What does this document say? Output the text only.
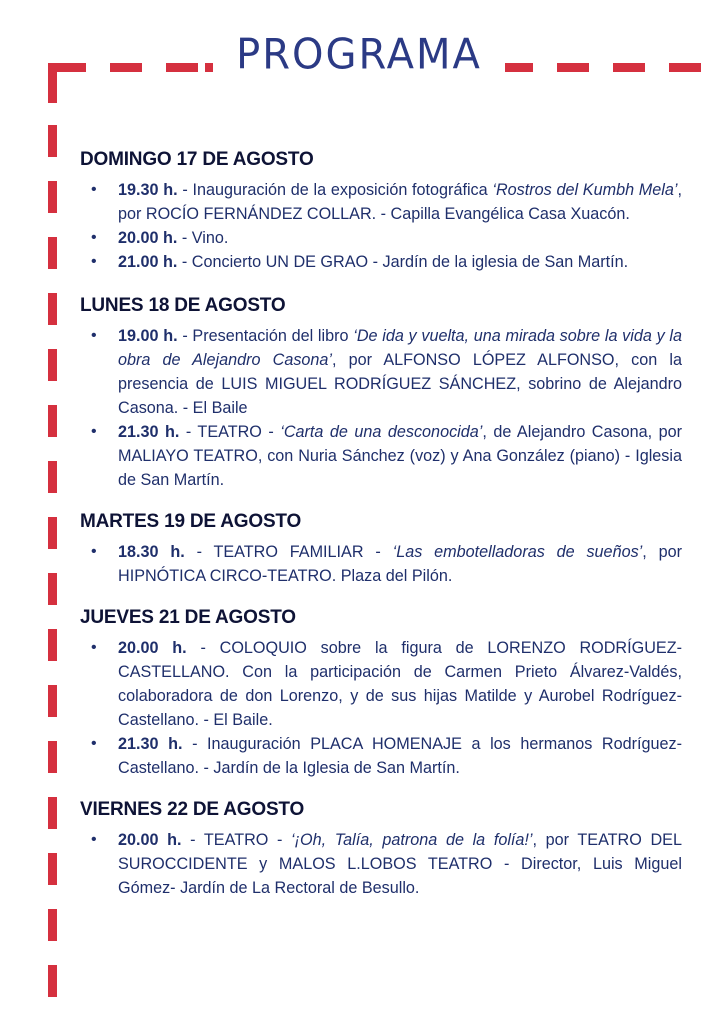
PROGRAMA
DOMINGO 17 DE AGOSTO
• 19.30 h. - Inauguración de la exposición fotográfica ‘Rostros del Kumbh Mela’, por ROCÍO FERNÁNDEZ COLLAR. - Capilla Evangélica Casa Xuacón.
• 20.00 h. - Vino.
• 21.00 h. - Concierto UN DE GRAO - Jardín de la iglesia de San Martín.
LUNES 18 DE AGOSTO
• 19.00 h. - Presentación del libro ‘De ida y vuelta, una mirada sobre la vida y la obra de Alejandro Casona’, por ALFONSO LÓPEZ ALFONSO, con la presencia de LUIS MIGUEL RODRÍGUEZ SÁNCHEZ, sobrino de Alejandro Casona. - El Baile
• 21.30 h. - TEATRO - ‘Carta de una desconocida’, de Alejandro Casona, por MALIAYO TEATRO, con Nuria Sánchez (voz) y Ana González (piano) - Iglesia de San Martín.
MARTES 19 DE AGOSTO
• 18.30 h. - TEATRO FAMILIAR - ‘Las embotelladoras de sueños’, por HIPNÓTICA CIRCO-TEATRO. Plaza del Pilón.
JUEVES 21 DE AGOSTO
• 20.00 h. - COLOQUIO sobre la figura de LORENZO RODRÍGUEZ-CASTELLANO. Con la participación de Carmen Prieto Álvarez-Valdés, colaboradora de don Lorenzo, y de sus hijas Matilde y Aurobel Rodríguez-Castellano. - El Baile.
• 21.30 h. - Inauguración PLACA HOMENAJE a los hermanos Rodríguez-Castellano. - Jardín de la Iglesia de San Martín.
VIERNES 22 DE AGOSTO
• 20.00 h. - TEATRO - ‘¡Oh, Talía, patrona de la folía!’, por TEATRO DEL SUROCCIDENTE y MALOS L.LOBOS TEATRO - Director, Luis Miguel Gómez- Jardín de La Rectoral de Besullo.
